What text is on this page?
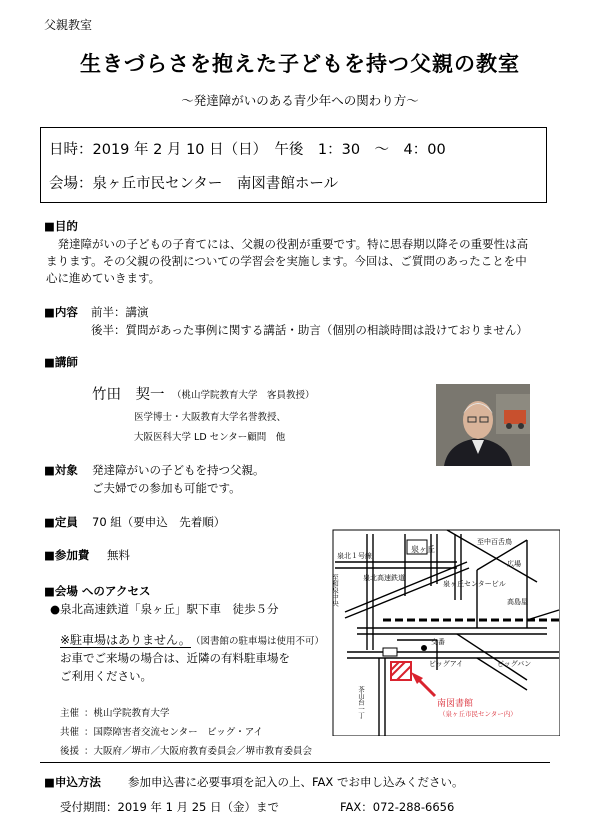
父親教室
生きづらさを抱えた子どもを持つ父親の教室
～発達障がいのある青少年への関わり方～
日時：2019 年 2 月 10 日（日）　午後　1：30　～　4：00
会場：泉ヶ丘市民センター　南図書館ホール
■目的
　発達障がいの子どもの子育てには、父親の役割が重要です。特に思春期以降その重要性は高
まります。その父親の役割についての学習会を実施します。今回は、ご質問のあったことを中
心に進めていきます。
■内容 前半：講演
後半：質問があった事例に関する講話・助言（個別の相談時間は設けておりません）
■講師
竹田　契一 （桃山学院教育大学　客員教授）
医学博士・大阪教育大学名誉教授、
大阪医科大学 LD センター顧問　他
■対象 発達障がいの子どもを持つ父親。
ご夫婦での参加も可能です。
■定員 70 組（要申込　先着順）
■参加費 無料
■会場 へのアクセス
●泉北高速鉄道「泉ヶ丘」駅下車　徒歩５分
※駐車場はありません。 （図書館の駐車場は使用不可）
お車でご来場の場合は、近隣の有料駐車場を
ご利用ください。
泉北１号線
至中百舌鳥
泉ヶ丘
広場
泉北高速鉄道
泉ヶ丘センタービル
高島屋
交番
ビッグアイ	ビッグバン
南図書館
（泉ヶ丘市民センター内）
至和泉中央
茶山台一丁
主催 ：桃山学院教育大学
共催 ：国際障害者交流センター　ビッグ・アイ
後援 ：大阪府／堺市／大阪府教育委員会／堺市教育委員会
■申込方法 参加申込書に必要事項を記入の上、FAX でお申し込みください。
受付期間：2019 年 1 月 25 日（金）まで	FAX：072-288-6656
